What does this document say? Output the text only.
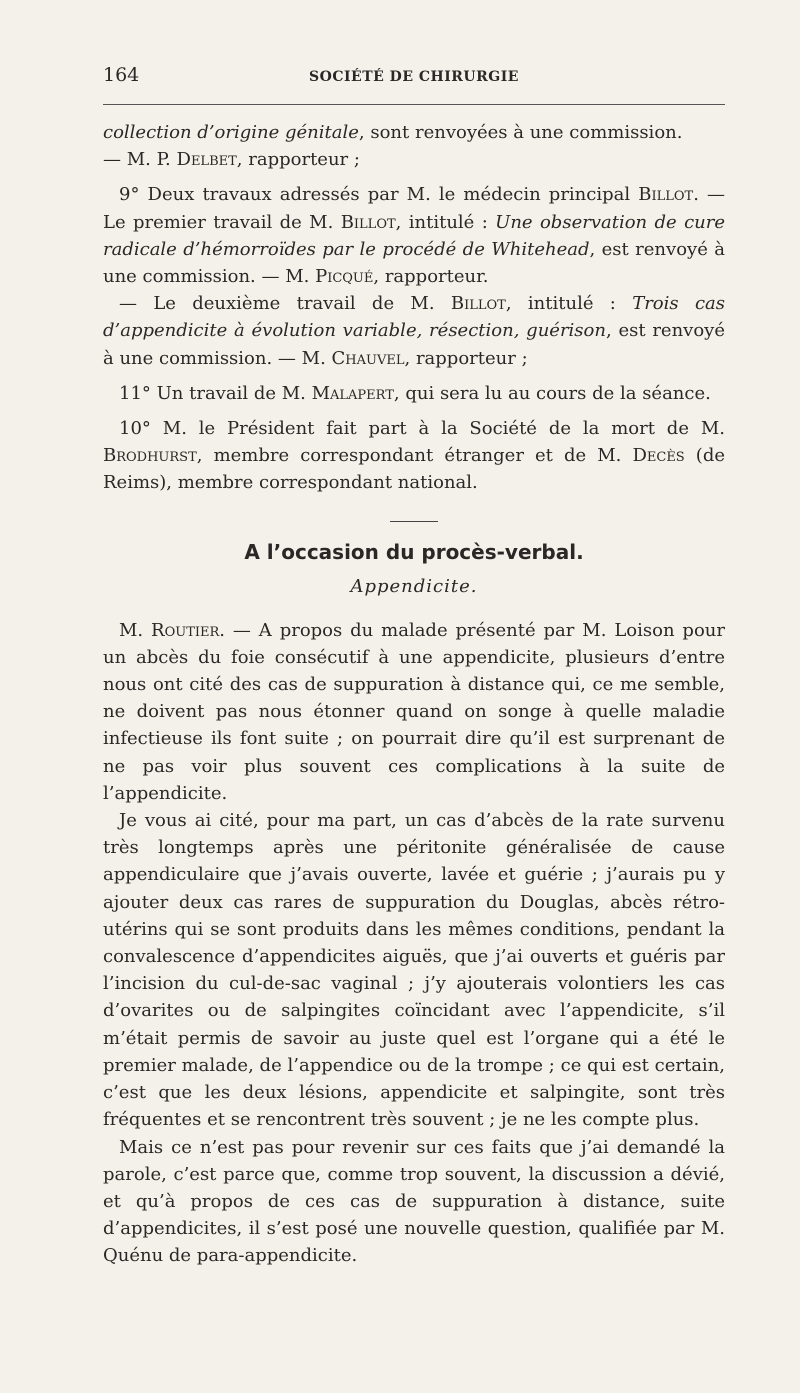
164	SOCIÉTÉ DE CHIRURGIE

collection d’origine génitale, sont renvoyées à une commission.
— M. P. Delbet, rapporteur ;

9° Deux travaux adressés par M. le médecin principal Billot. — Le premier travail de M. Billot, intitulé : Une observation de cure radicale d’hémorroïdes par le procédé de Whitehead, est renvoyé à une commission. — M. Picqué, rapporteur.

— Le deuxième travail de M. Billot, intitulé : Trois cas d’appendicite à évolution variable, résection, guérison, est renvoyé à une commission. — M. Chauvel, rapporteur ;

11° Un travail de M. Malapert, qui sera lu au cours de la séance.

10° M. le Président fait part à la Société de la mort de M. Brodhurst, membre correspondant étranger et de M. Decès (de Reims), membre correspondant national.

A l’occasion du procès-verbal.
Appendicite.

M. Routier. — A propos du malade présenté par M. Loison pour un abcès du foie consécutif à une appendicite, plusieurs d’entre nous ont cité des cas de suppuration à distance qui, ce me semble, ne doivent pas nous étonner quand on songe à quelle maladie infectieuse ils font suite ; on pourrait dire qu’il est surprenant de ne pas voir plus souvent ces complications à la suite de l’appendicite.

Je vous ai cité, pour ma part, un cas d’abcès de la rate survenu très longtemps après une péritonite généralisée de cause appendiculaire que j’avais ouverte, lavée et guérie ; j’aurais pu y ajouter deux cas rares de suppuration du Douglas, abcès rétro-utérins qui se sont produits dans les mêmes conditions, pendant la convalescence d’appendicites aiguës, que j’ai ouverts et guéris par l’incision du cul-de-sac vaginal ; j’y ajouterais volontiers les cas d’ovarites ou de salpingites coïncidant avec l’appendicite, s’il m’était permis de savoir au juste quel est l’organe qui a été le premier malade, de l’appendice ou de la trompe ; ce qui est certain, c’est que les deux lésions, appendicite et salpingite, sont très fréquentes et se rencontrent très souvent ; je ne les compte plus.

Mais ce n’est pas pour revenir sur ces faits que j’ai demandé la parole, c’est parce que, comme trop souvent, la discussion a dévié, et qu’à propos de ces cas de suppuration à distance, suite d’appendicites, il s’est posé une nouvelle question, qualifiée par M. Quénu de para-appendicite.
